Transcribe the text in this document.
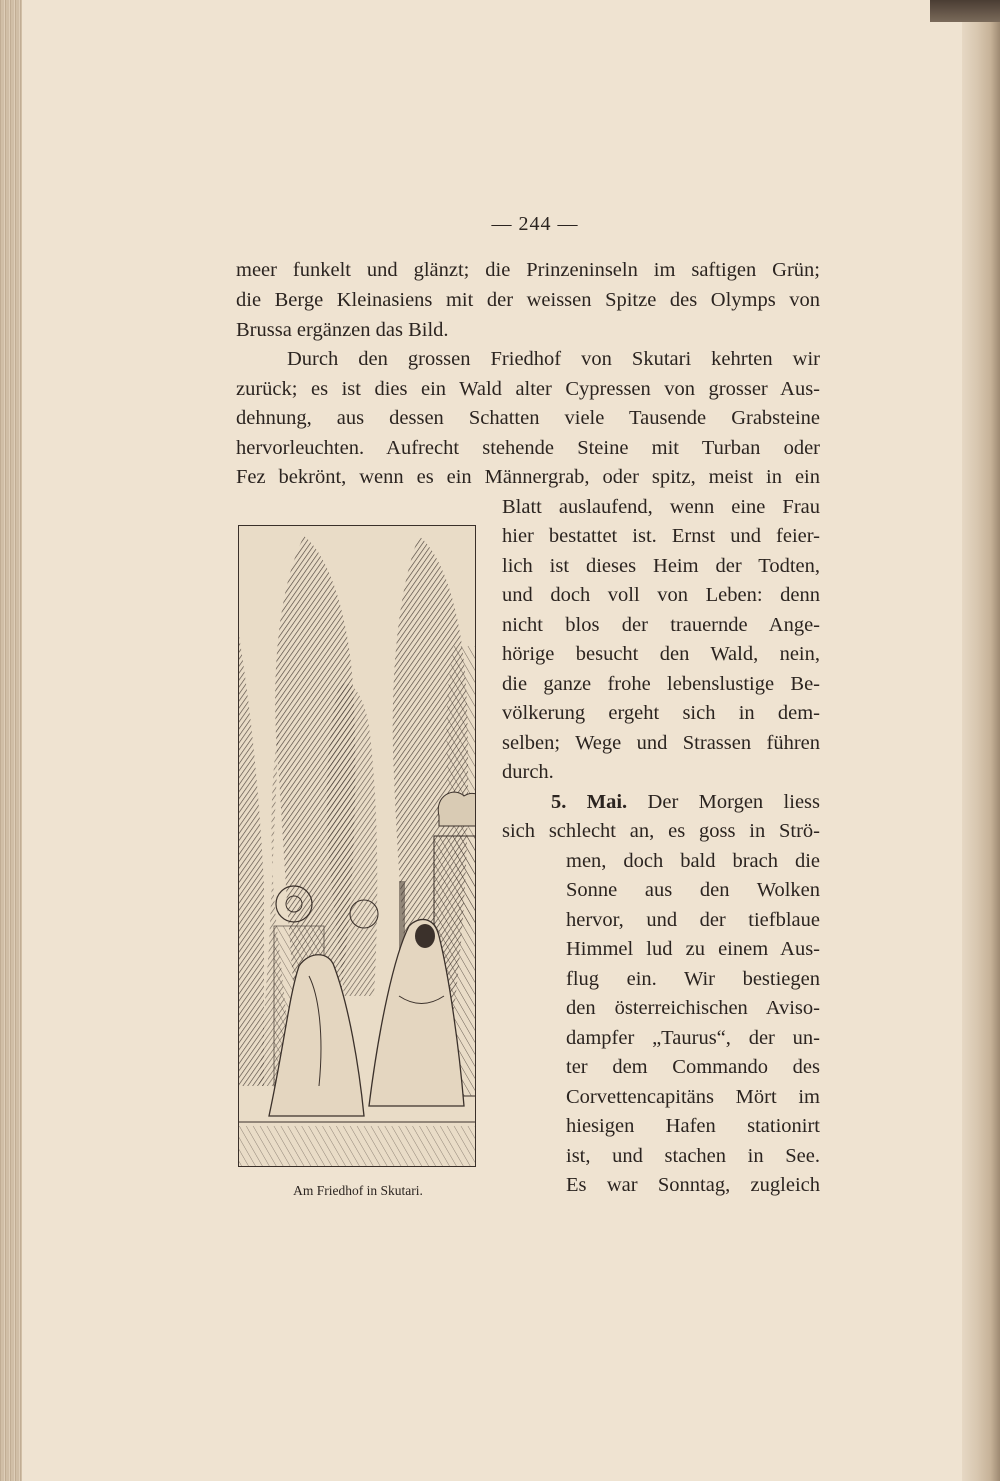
— 244 —
meer funkelt und glänzt; die Prinzeninseln im saftigen Grün;
die Berge Kleinasiens mit der weissen Spitze des Olymps von
Brussa ergänzen das Bild.
Durch den grossen Friedhof von Skutari kehrten wir
zurück; es ist dies ein Wald alter Cypressen von grosser Aus-
dehnung, aus dessen Schatten viele Tausende Grabsteine
hervorleuchten. Aufrecht stehende Steine mit Turban oder
Fez bekrönt, wenn es ein Männergrab, oder spitz, meist in ein
Blatt auslaufend, wenn eine Frau
hier bestattet ist. Ernst und feier-
lich ist dieses Heim der Todten,
und doch voll von Leben: denn
nicht blos der trauernde Ange-
hörige besucht den Wald, nein,
die ganze frohe lebenslustige Be-
völkerung ergeht sich in dem-
selben; Wege und Strassen führen
durch.
5. Mai. Der Morgen liess
sich schlecht an, es goss in Strö-
men, doch bald brach die
Sonne aus den Wolken
hervor, und der tiefblaue
Himmel lud zu einem Aus-
flug ein. Wir bestiegen
den österreichischen Aviso-
dampfer „Taurus“, der un-
ter dem Commando des
Corvettencapitäns Mört im
hiesigen Hafen stationirt
ist, und stachen in See.
Es war Sonntag, zugleich
Am Friedhof in Skutari.
